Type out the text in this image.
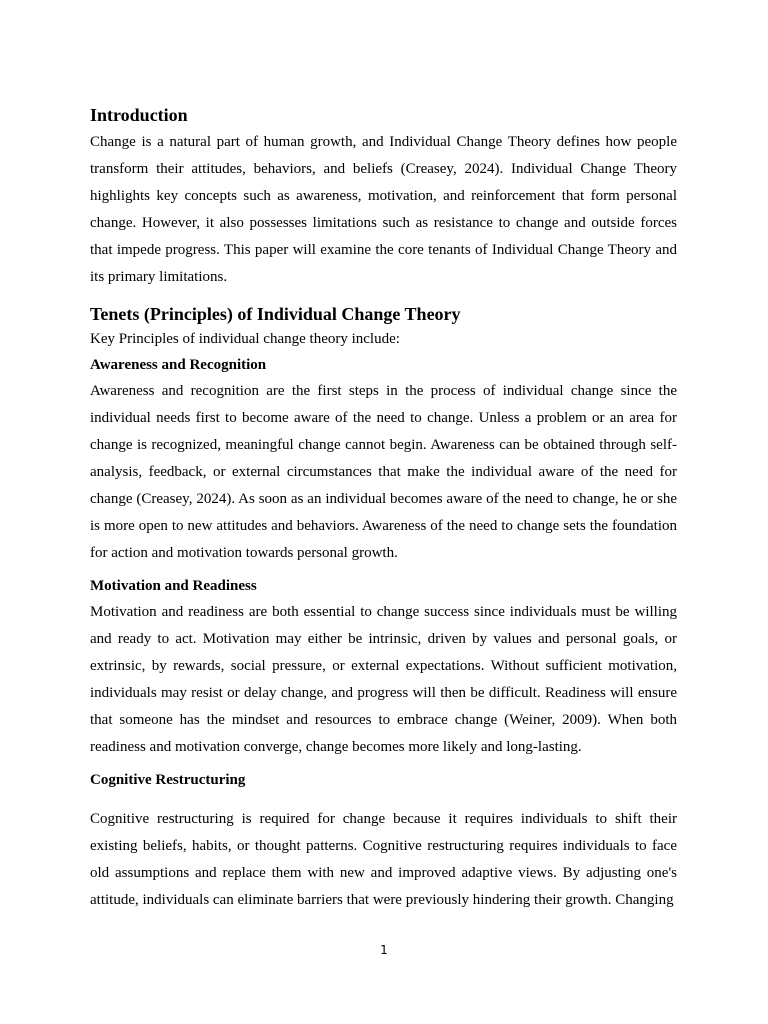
Introduction

Change is a natural part of human growth, and Individual Change Theory defines how people transform their attitudes, behaviors, and beliefs (Creasey, 2024). Individual Change Theory highlights key concepts such as awareness, motivation, and reinforcement that form personal change. However, it also possesses limitations such as resistance to change and outside forces that impede progress. This paper will examine the core tenants of Individual Change Theory and its primary limitations.

Tenets (Principles) of Individual Change Theory

Key Principles of individual change theory include:

Awareness and Recognition

Awareness and recognition are the first steps in the process of individual change since the individual needs first to become aware of the need to change. Unless a problem or an area for change is recognized, meaningful change cannot begin. Awareness can be obtained through self-analysis, feedback, or external circumstances that make the individual aware of the need for change (Creasey, 2024). As soon as an individual becomes aware of the need to change, he or she is more open to new attitudes and behaviors. Awareness of the need to change sets the foundation for action and motivation towards personal growth.

Motivation and Readiness

Motivation and readiness are both essential to change success since individuals must be willing and ready to act. Motivation may either be intrinsic, driven by values and personal goals, or extrinsic, by rewards, social pressure, or external expectations. Without sufficient motivation, individuals may resist or delay change, and progress will then be difficult. Readiness will ensure that someone has the mindset and resources to embrace change (Weiner, 2009). When both readiness and motivation converge, change becomes more likely and long-lasting.

Cognitive Restructuring

Cognitive restructuring is required for change because it requires individuals to shift their existing beliefs, habits, or thought patterns. Cognitive restructuring requires individuals to face old assumptions and replace them with new and improved adaptive views. By adjusting one's attitude, individuals can eliminate barriers that were previously hindering their growth. Changing

1
